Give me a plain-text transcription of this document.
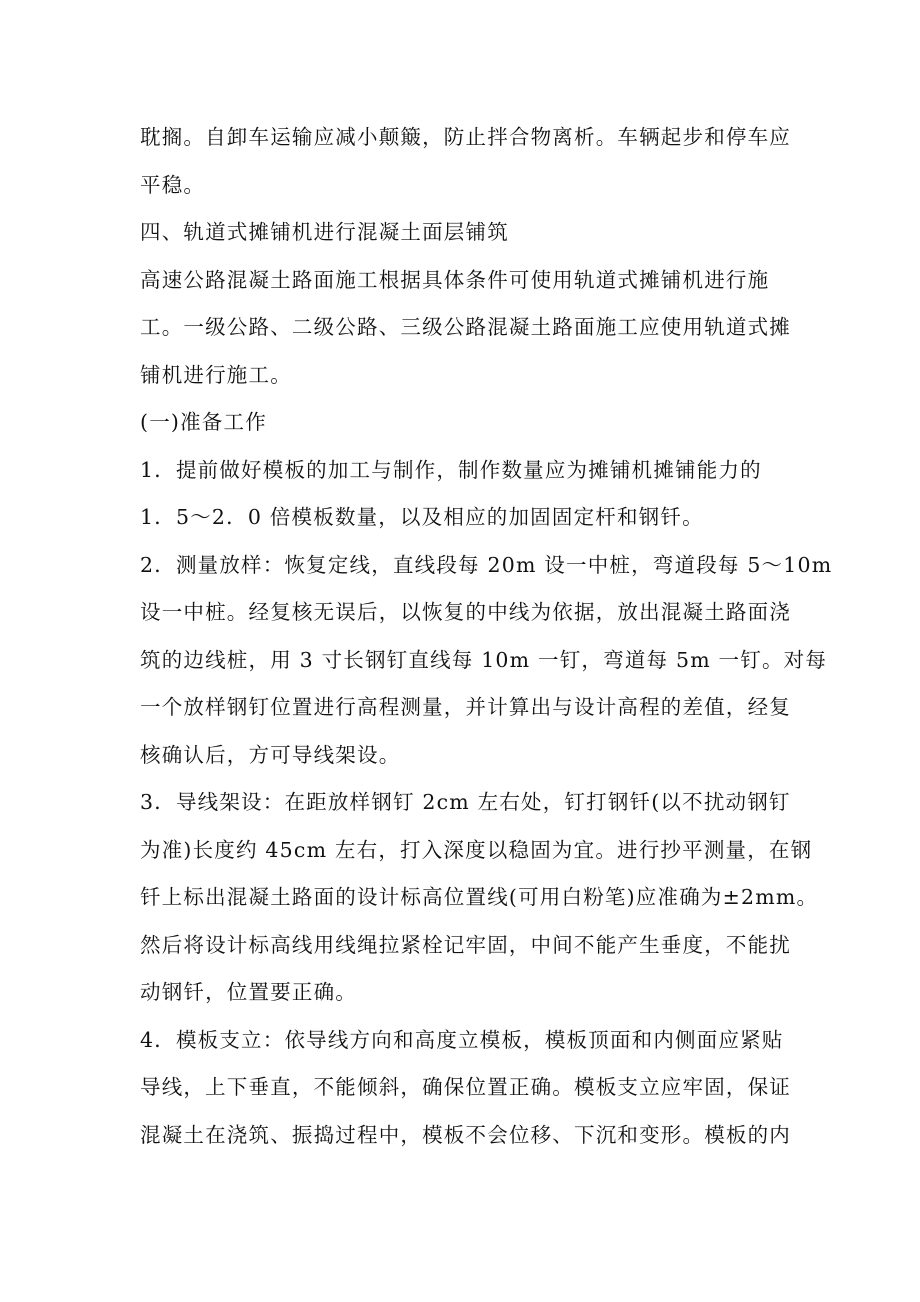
耽搁。自卸车运输应减小颠簸，防止拌合物离析。车辆起步和停车应
平稳。
四、轨道式摊铺机进行混凝土面层铺筑
高速公路混凝土路面施工根据具体条件可使用轨道式摊铺机进行施
工。一级公路、二级公路、三级公路混凝土路面施工应使用轨道式摊
铺机进行施工。
(一)准备工作
1．提前做好模板的加工与制作，制作数量应为摊铺机摊铺能力的
1．5～2．0 倍模板数量，以及相应的加固固定杆和钢钎。
2．测量放样：恢复定线，直线段每 20m 设一中桩，弯道段每 5～10m
设一中桩。经复核无误后，以恢复的中线为依据，放出混凝土路面浇
筑的边线桩，用 3 寸长钢钉直线每 10m 一钉，弯道每 5m 一钉。对每
一个放样钢钉位置进行高程测量，并计算出与设计高程的差值，经复
核确认后，方可导线架设。
3．导线架设：在距放样钢钉 2cm 左右处，钉打钢钎(以不扰动钢钉
为准)长度约 45cm 左右，打入深度以稳固为宜。进行抄平测量，在钢
钎上标出混凝土路面的设计标高位置线(可用白粉笔)应准确为±2mm。
然后将设计标高线用线绳拉紧栓记牢固，中间不能产生垂度，不能扰
动钢钎，位置要正确。
4．模板支立：依导线方向和高度立模板，模板顶面和内侧面应紧贴
导线，上下垂直，不能倾斜，确保位置正确。模板支立应牢固，保证
混凝土在浇筑、振捣过程中，模板不会位移、下沉和变形。模板的内
